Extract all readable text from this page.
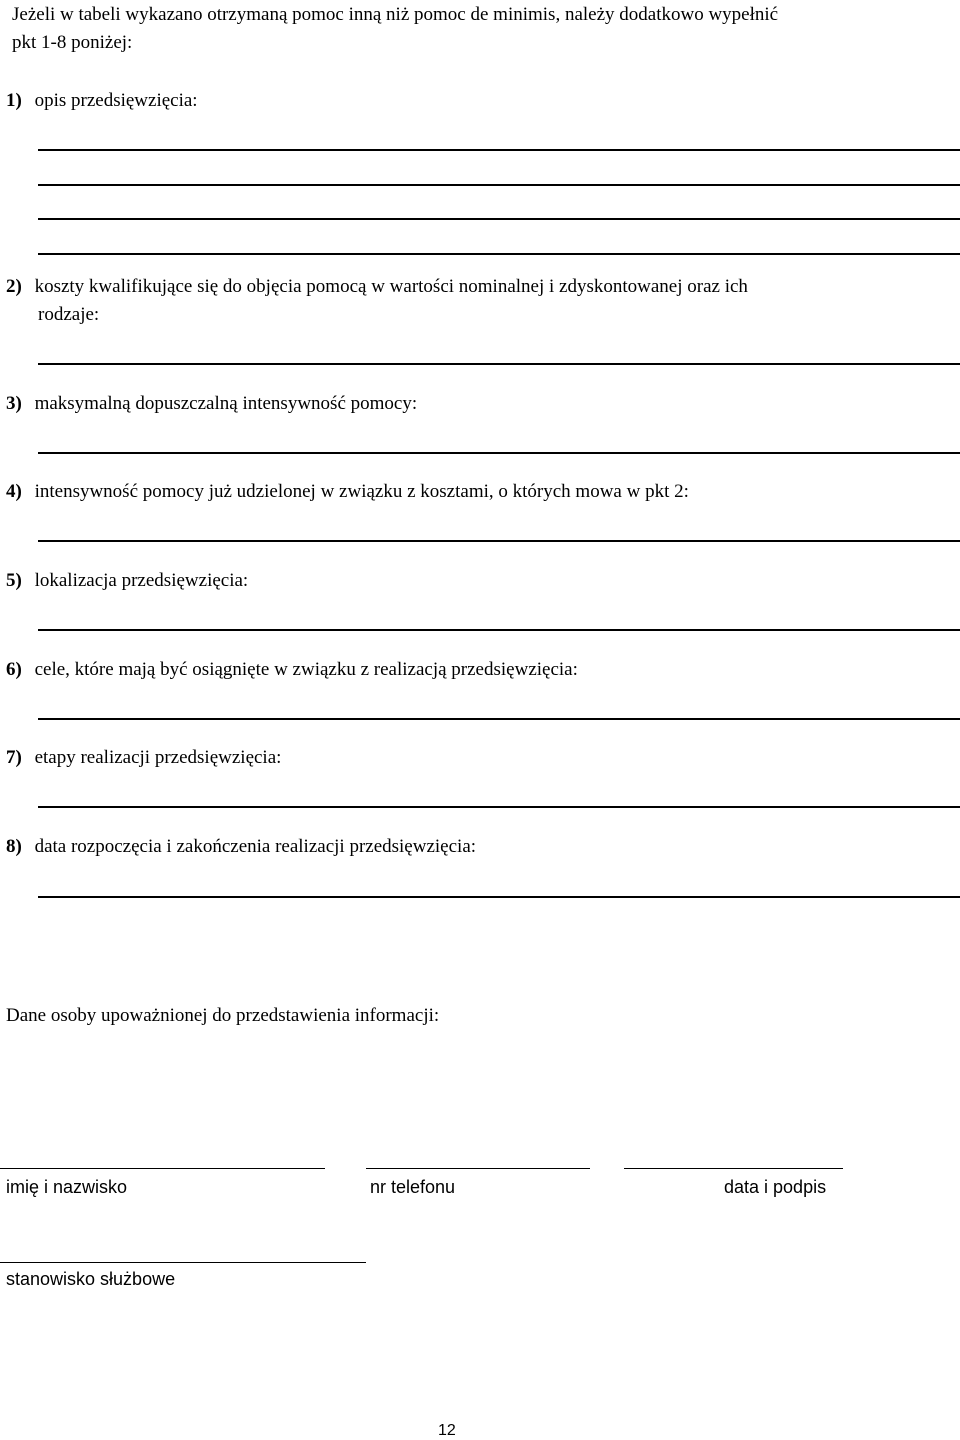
Jeżeli w tabeli wykazano otrzymaną pomoc inną niż pomoc de minimis, należy dodatkowo wypełnić
pkt 1-8 poniżej:
1) opis przedsięwzięcia:
2) koszty kwalifikujące się do objęcia pomocą w wartości nominalnej i zdyskontowanej oraz ich
rodzaje:
3) maksymalną dopuszczalną intensywność pomocy:
4) intensywność pomocy już udzielonej w związku z kosztami, o których mowa w pkt 2:
5) lokalizacja przedsięwzięcia:
6) cele, które mają być osiągnięte w związku z realizacją przedsięwzięcia:
7) etapy realizacji przedsięwzięcia:
8) data rozpoczęcia i zakończenia realizacji przedsięwzięcia:
Dane osoby upoważnionej do przedstawienia informacji:
imię i nazwisko	nr telefonu	data i podpis
stanowisko służbowe
12
